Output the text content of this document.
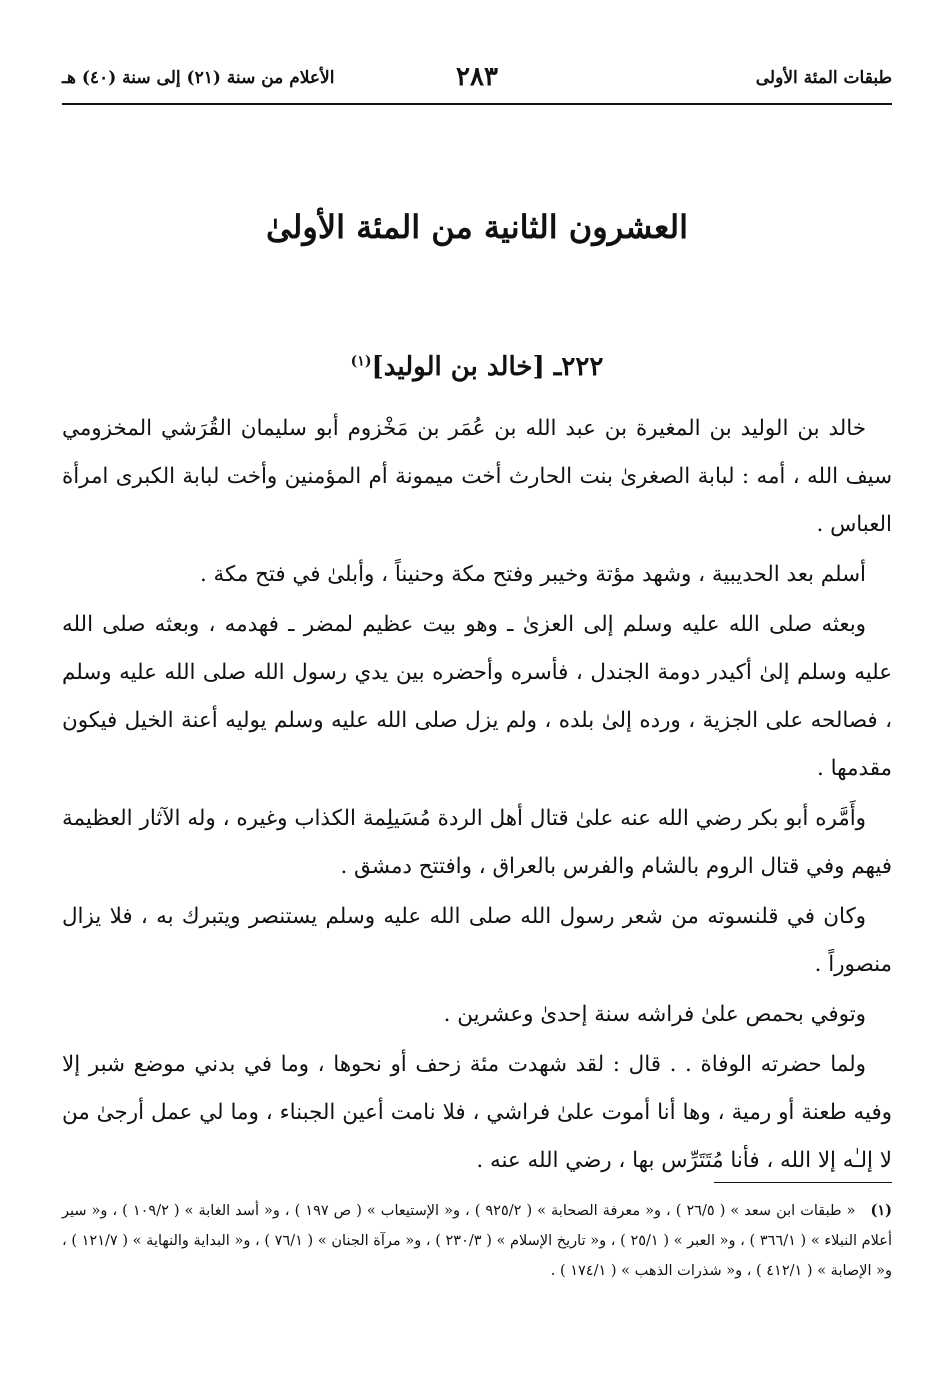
طبقات المئة الأولى
٢٨٣
الأعلام من سنة (٢١) إلى سنة (٤٠) هـ
العشرون الثانية من المئة الأولىٰ
٢٢٢ـ [خالد بن الوليد]$^{(١)}$

خالد بن الوليد بن المغيرة بن عبد الله بن عُمَر بن مَخْزوم أبو سليمان القُرَشي المخزومي سيف الله ، أمه : لبابة الصغرىٰ بنت الحارث أخت ميمونة أم المؤمنين وأخت لبابة الكبرى امرأة العباس .

أسلم بعد الحديبية ، وشهد مؤتة وخيبر وفتح مكة وحنيناً ، وأبلىٰ في فتح مكة .

وبعثه صلى الله عليه وسلم إلى العزىٰ ـ وهو بيت عظيم لمضر ـ فهدمه ، وبعثه صلى الله عليه وسلم إلىٰ أكيدر دومة الجندل ، فأسره وأحضره بين يدي رسول الله صلى الله عليه وسلم ، فصالحه على الجزية ، ورده إلىٰ بلده ، ولم يزل صلى الله عليه وسلم يوليه أعنة الخيل فيكون مقدمها .

وأَمَّره أبو بكر رضي الله عنه علىٰ قتال أهل الردة مُسَيلِمة الكذاب وغيره ، وله الآثار العظيمة فيهم وفي قتال الروم بالشام والفرس بالعراق ، وافتتح دمشق .

وكان في قلنسوته من شعر رسول الله صلى الله عليه وسلم يستنصر ويتبرك به ، فلا يزال منصوراً .

وتوفي بحمص علىٰ فراشه سنة إحدىٰ وعشرين .

ولما حضرته الوفاة . . قال : لقد شهدت مئة زحف أو نحوها ، وما في بدني موضع شبر إلا وفيه طعنة أو رمية ، وها أنا أموت علىٰ فراشي ، فلا نامت أعين الجبناء ، وما لي عمل أرجىٰ من لا إلـٰه إلا الله ، فأنا مُتَتَرِّس بها ، رضي الله عنه .

(١) « طبقات ابن سعد » ( ٢٦/٥ ) ، و« معرفة الصحابة » ( ٩٢٥/٢ ) ، و« الإستيعاب » ( ص ١٩٧ ) ، و« أسد الغابة » ( ١٠٩/٢ ) ، و« سير أعلام النبلاء » ( ٣٦٦/١ ) ، و« العبر » ( ٢٥/١ ) ، و« تاريخ الإسلام » ( ٢٣٠/٣ ) ، و« مرآة الجنان » ( ٧٦/١ ) ، و« البداية والنهاية » ( ١٢١/٧ ) ، و« الإصابة » ( ٤١٢/١ ) ، و« شذرات الذهب » ( ١٧٤/١ ) .
